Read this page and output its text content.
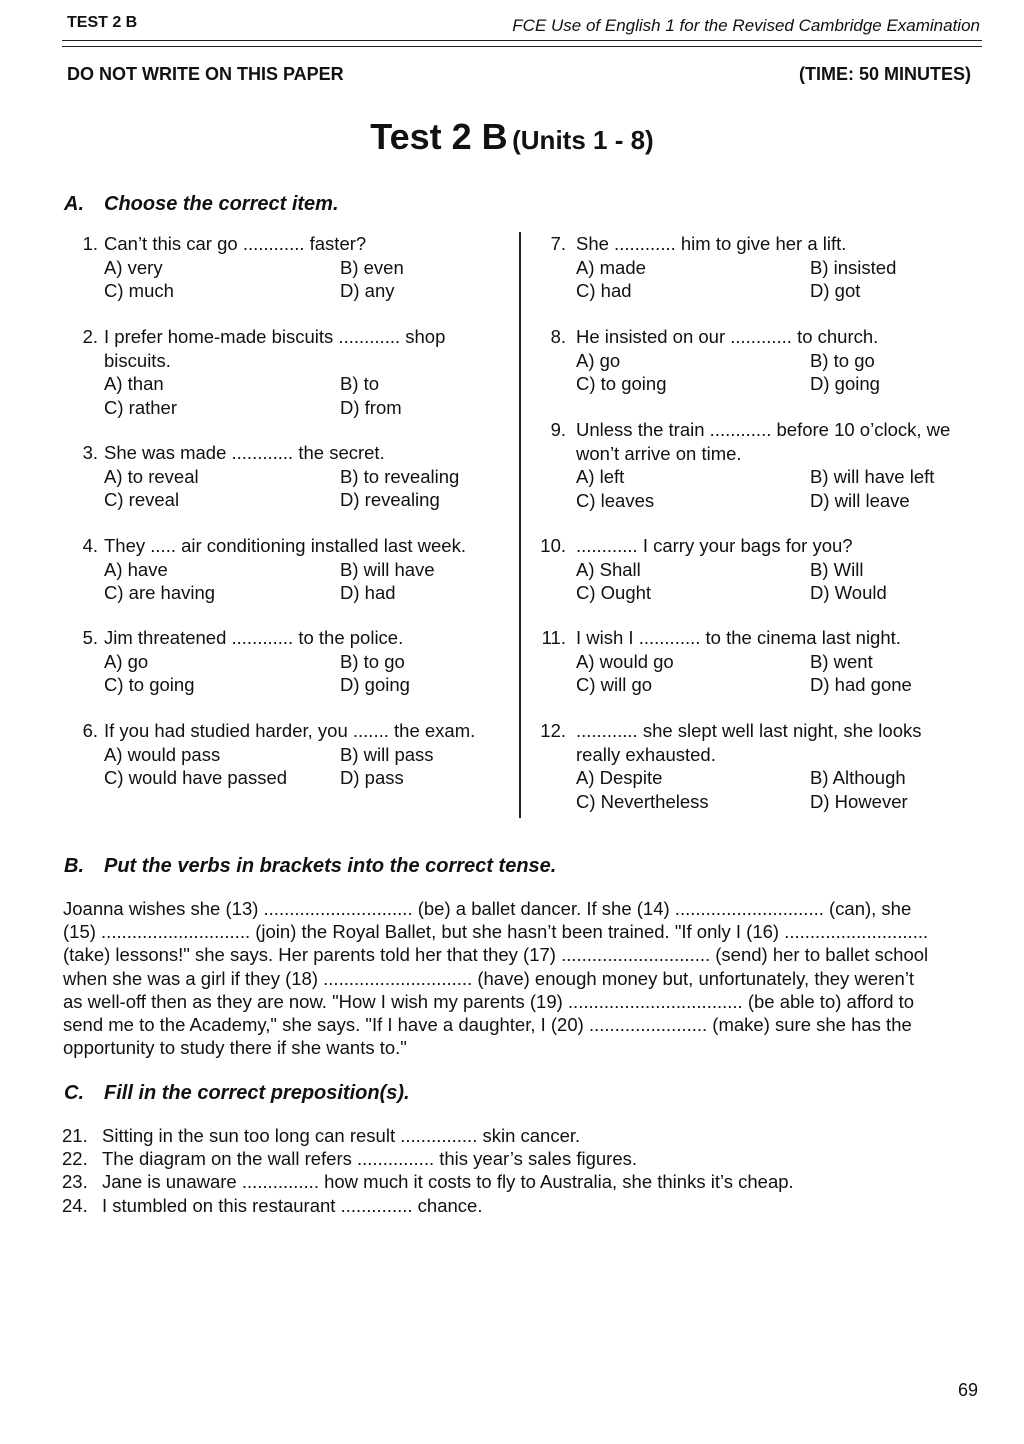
TEST 2 B	FCE Use of English 1 for the Revised Cambridge Examination
DO NOT WRITE ON THIS PAPER	(TIME: 50 MINUTES)
Test 2 B (Units 1 - 8)
A. Choose the correct item.
1. Can’t this car go ............ faster?
A) very	B) even
C) much	D) any
2. I prefer home-made biscuits ............ shop
biscuits.
A) than	B) to
C) rather	D) from
3. She was made ............ the secret.
A) to reveal	B) to revealing
C) reveal	D) revealing
4. They ..... air conditioning installed last week.
A) have	B) will have
C) are having	D) had
5. Jim threatened ............ to the police.
A) go	B) to go
C) to going	D) going
6. If you had studied harder, you ....... the exam.
A) would pass	B) will pass
C) would have passed	D) pass
7. She ............ him to give her a lift.
A) made	B) insisted
C) had	D) got
8. He insisted on our ............ to church.
A) go	B) to go
C) to going	D) going
9. Unless the train ............ before 10 o’clock, we
won’t arrive on time.
A) left	B) will have left
C) leaves	D) will leave
10. ............ I carry your bags for you?
A) Shall	B) Will
C) Ought	D) Would
11. I wish I ............ to the cinema last night.
A) would go	B) went
C) will go	D) had gone
12. ............ she slept well last night, she looks
really exhausted.
A) Despite	B) Although
C) Nevertheless	D) However
B. Put the verbs in brackets into the correct tense.
Joanna wishes she (13) ............................. (be) a ballet dancer. If she (14) ............................. (can), she
(15) ............................. (join) the Royal Ballet, but she hasn’t been trained. "If only I (16) ............................
(take) lessons!" she says. Her parents told her that they (17) ............................. (send) her to ballet school
when she was a girl if they (18) ............................. (have) enough money but, unfortunately, they weren’t
as well-off then as they are now. "How I wish my parents (19) .................................. (be able to) afford to
send me to the Academy," she says. "If I have a daughter, I (20) ....................... (make) sure she has the
opportunity to study there if she wants to."
C. Fill in the correct preposition(s).
21. Sitting in the sun too long can result ............... skin cancer.
22. The diagram on the wall refers ............... this year’s sales figures.
23. Jane is unaware ............... how much it costs to fly to Australia, she thinks it’s cheap.
24. I stumbled on this restaurant .............. chance.
69
